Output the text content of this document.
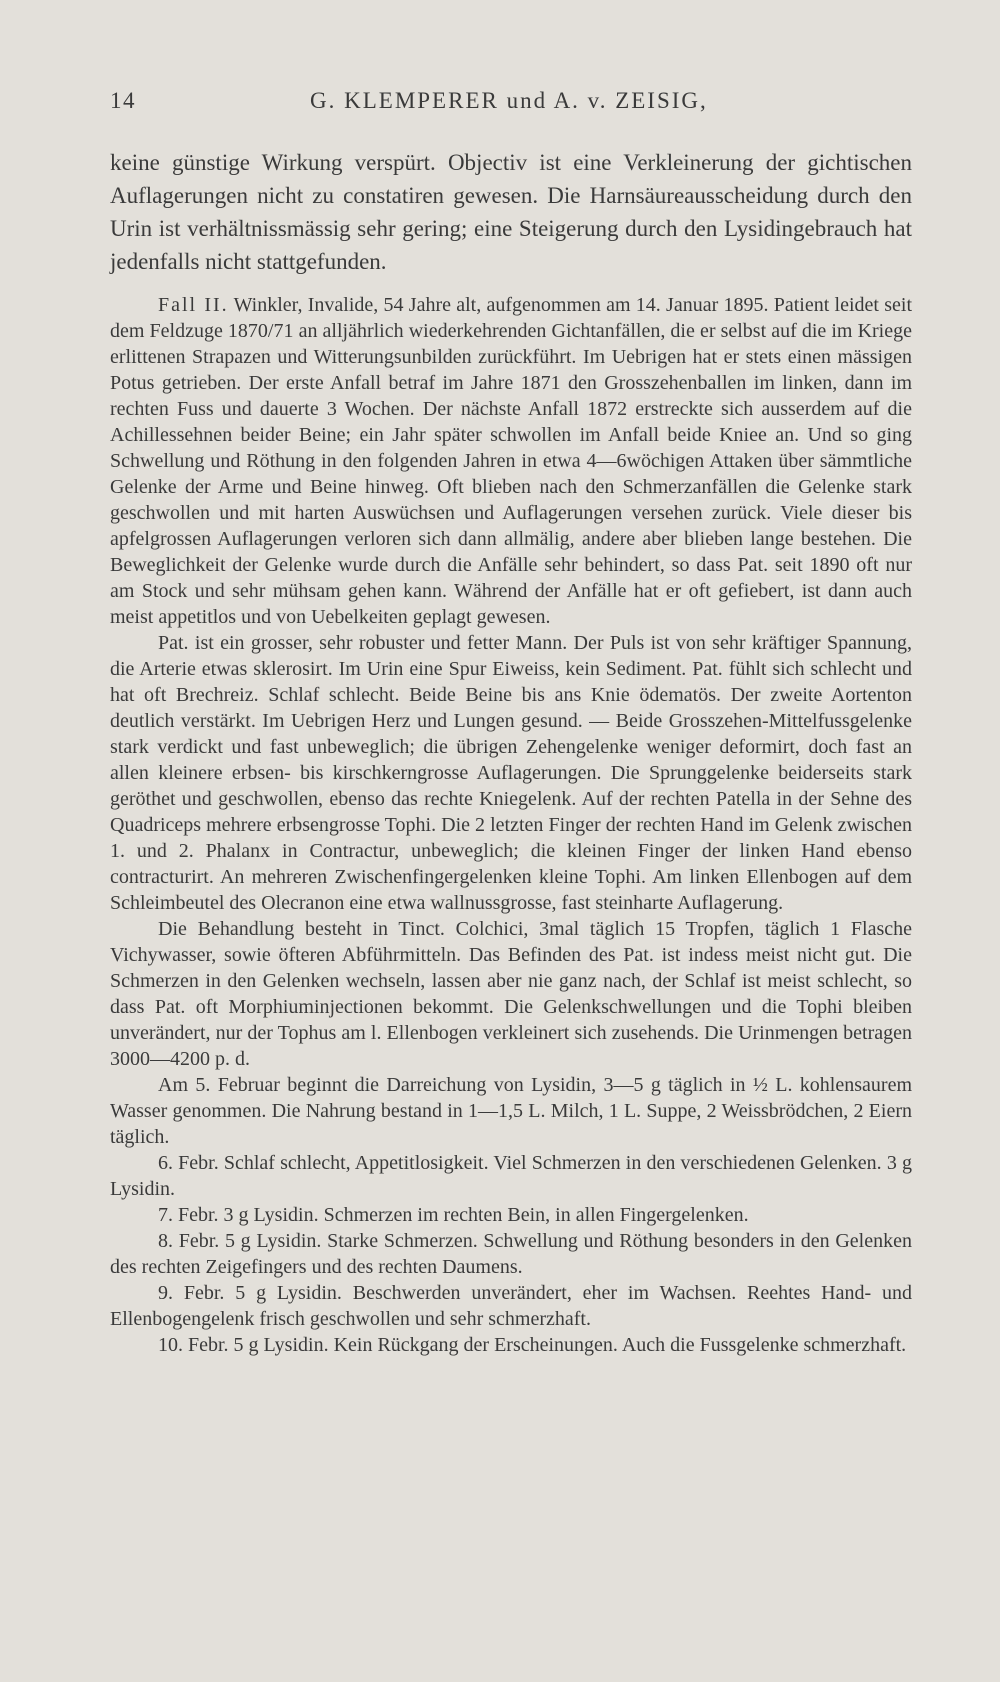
14	G. KLEMPERER und A. v. ZEISIG,

keine günstige Wirkung verspürt. Objectiv ist eine Verkleinerung der gichtischen Auflagerungen nicht zu constatiren gewesen. Die Harnsäureausscheidung durch den Urin ist verhältnissmässig sehr gering; eine Steigerung durch den Lysidingebrauch hat jedenfalls nicht stattgefunden.

Fall II. Winkler, Invalide, 54 Jahre alt, aufgenommen am 14. Januar 1895. Patient leidet seit dem Feldzuge 1870/71 an alljährlich wiederkehrenden Gichtanfällen, die er selbst auf die im Kriege erlittenen Strapazen und Witterungsunbilden zurückführt. Im Uebrigen hat er stets einen mässigen Potus getrieben. Der erste Anfall betraf im Jahre 1871 den Grosszehenballen im linken, dann im rechten Fuss und dauerte 3 Wochen. Der nächste Anfall 1872 erstreckte sich ausserdem auf die Achillessehnen beider Beine; ein Jahr später schwollen im Anfall beide Kniee an. Und so ging Schwellung und Röthung in den folgenden Jahren in etwa 4—6wöchigen Attaken über sämmtliche Gelenke der Arme und Beine hinweg. Oft blieben nach den Schmerzanfällen die Gelenke stark geschwollen und mit harten Auswüchsen und Auflagerungen versehen zurück. Viele dieser bis apfelgrossen Auflagerungen verloren sich dann allmälig, andere aber blieben lange bestehen. Die Beweglichkeit der Gelenke wurde durch die Anfälle sehr behindert, so dass Pat. seit 1890 oft nur am Stock und sehr mühsam gehen kann. Während der Anfälle hat er oft gefiebert, ist dann auch meist appetitlos und von Uebelkeiten geplagt gewesen.

Pat. ist ein grosser, sehr robuster und fetter Mann. Der Puls ist von sehr kräftiger Spannung, die Arterie etwas sklerosirt. Im Urin eine Spur Eiweiss, kein Sediment. Pat. fühlt sich schlecht und hat oft Brechreiz. Schlaf schlecht. Beide Beine bis ans Knie ödematös. Der zweite Aortenton deutlich verstärkt. Im Uebrigen Herz und Lungen gesund. — Beide Grosszehen-Mittelfussgelenke stark verdickt und fast unbeweglich; die übrigen Zehengelenke weniger deformirt, doch fast an allen kleinere erbsen- bis kirschkerngrosse Auflagerungen. Die Sprunggelenke beiderseits stark geröthet und geschwollen, ebenso das rechte Kniegelenk. Auf der rechten Patella in der Sehne des Quadriceps mehrere erbsengrosse Tophi. Die 2 letzten Finger der rechten Hand im Gelenk zwischen 1. und 2. Phalanx in Contractur, unbeweglich; die kleinen Finger der linken Hand ebenso contracturirt. An mehreren Zwischenfingergelenken kleine Tophi. Am linken Ellenbogen auf dem Schleimbeutel des Olecranon eine etwa wallnussgrosse, fast steinharte Auflagerung.

Die Behandlung besteht in Tinct. Colchici, 3mal täglich 15 Tropfen, täglich 1 Flasche Vichywasser, sowie öfteren Abführmitteln. Das Befinden des Pat. ist indess meist nicht gut. Die Schmerzen in den Gelenken wechseln, lassen aber nie ganz nach, der Schlaf ist meist schlecht, so dass Pat. oft Morphiuminjectionen bekommt. Die Gelenkschwellungen und die Tophi bleiben unverändert, nur der Tophus am l. Ellenbogen verkleinert sich zusehends. Die Urinmengen betragen 3000—4200 p. d.

Am 5. Februar beginnt die Darreichung von Lysidin, 3—5 g täglich in ½ L. kohlensaurem Wasser genommen. Die Nahrung bestand in 1—1,5 L. Milch, 1 L. Suppe, 2 Weissbrödchen, 2 Eiern täglich.

6. Febr. Schlaf schlecht, Appetitlosigkeit. Viel Schmerzen in den verschiedenen Gelenken. 3 g Lysidin.

7. Febr. 3 g Lysidin. Schmerzen im rechten Bein, in allen Fingergelenken.

8. Febr. 5 g Lysidin. Starke Schmerzen. Schwellung und Röthung besonders in den Gelenken des rechten Zeigefingers und des rechten Daumens.

9. Febr. 5 g Lysidin. Beschwerden unverändert, eher im Wachsen. Reehtes Hand- und Ellenbogengelenk frisch geschwollen und sehr schmerzhaft.

10. Febr. 5 g Lysidin. Kein Rückgang der Erscheinungen. Auch die Fussgelenke schmerzhaft.
